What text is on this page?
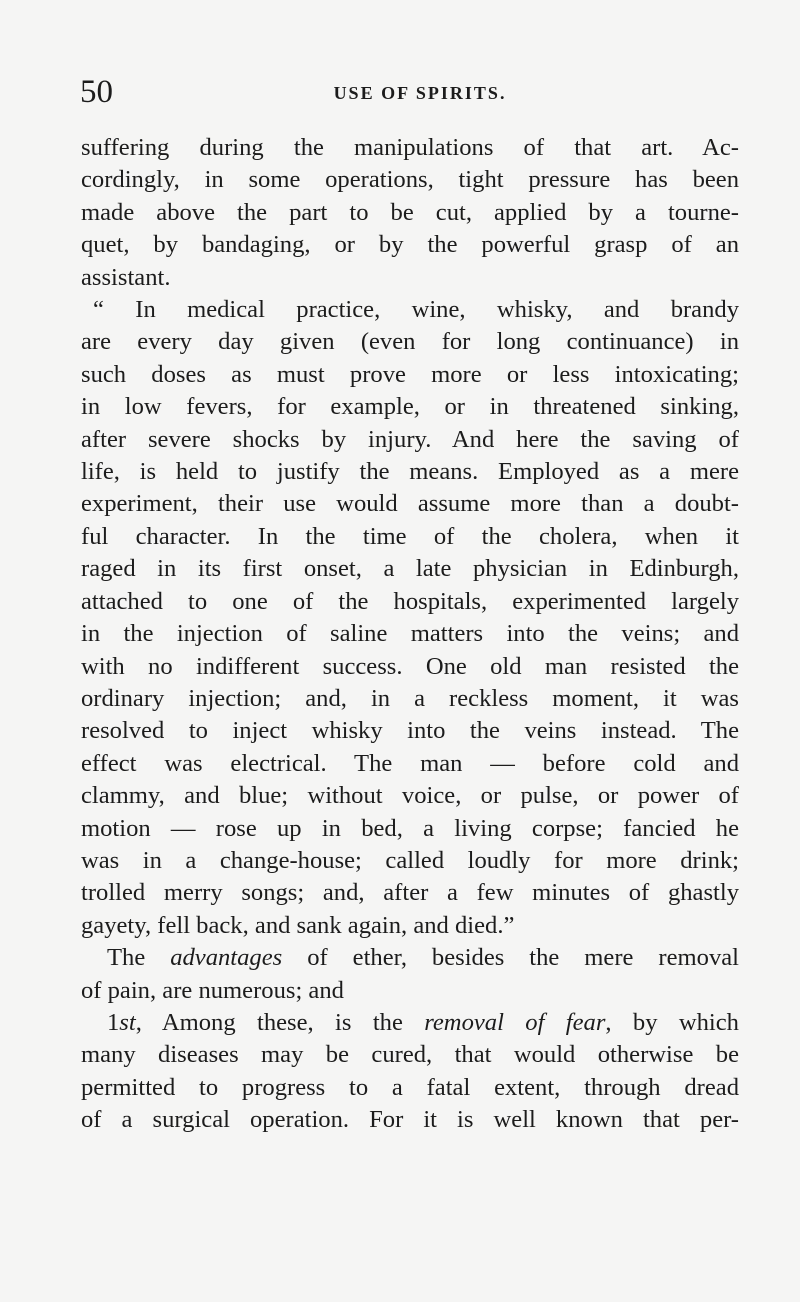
50	USE OF SPIRITS.
suffering during the manipulations of that art. Ac-
cordingly, in some operations, tight pressure has been
made above the part to be cut, applied by a tourne-
quet, by bandaging, or by the powerful grasp of an
assistant.
“ In medical practice, wine, whisky, and brandy
are every day given (even for long continuance) in
such doses as must prove more or less intoxicating;
in low fevers, for example, or in threatened sinking,
after severe shocks by injury. And here the saving of
life, is held to justify the means. Employed as a mere
experiment, their use would assume more than a doubt-
ful character. In the time of the cholera, when it
raged in its first onset, a late physician in Edinburgh,
attached to one of the hospitals, experimented largely
in the injection of saline matters into the veins; and
with no indifferent success. One old man resisted the
ordinary injection; and, in a reckless moment, it was
resolved to inject whisky into the veins instead. The
effect was electrical. The man — before cold and
clammy, and blue; without voice, or pulse, or power of
motion — rose up in bed, a living corpse; fancied he
was in a change-house; called loudly for more drink;
trolled merry songs; and, after a few minutes of ghastly
gayety, fell back, and sank again, and died.”
The advantages of ether, besides the mere removal
of pain, are numerous; and
1st, Among these, is the removal of fear, by which
many diseases may be cured, that would otherwise be
permitted to progress to a fatal extent, through dread
of a surgical operation. For it is well known that per-
